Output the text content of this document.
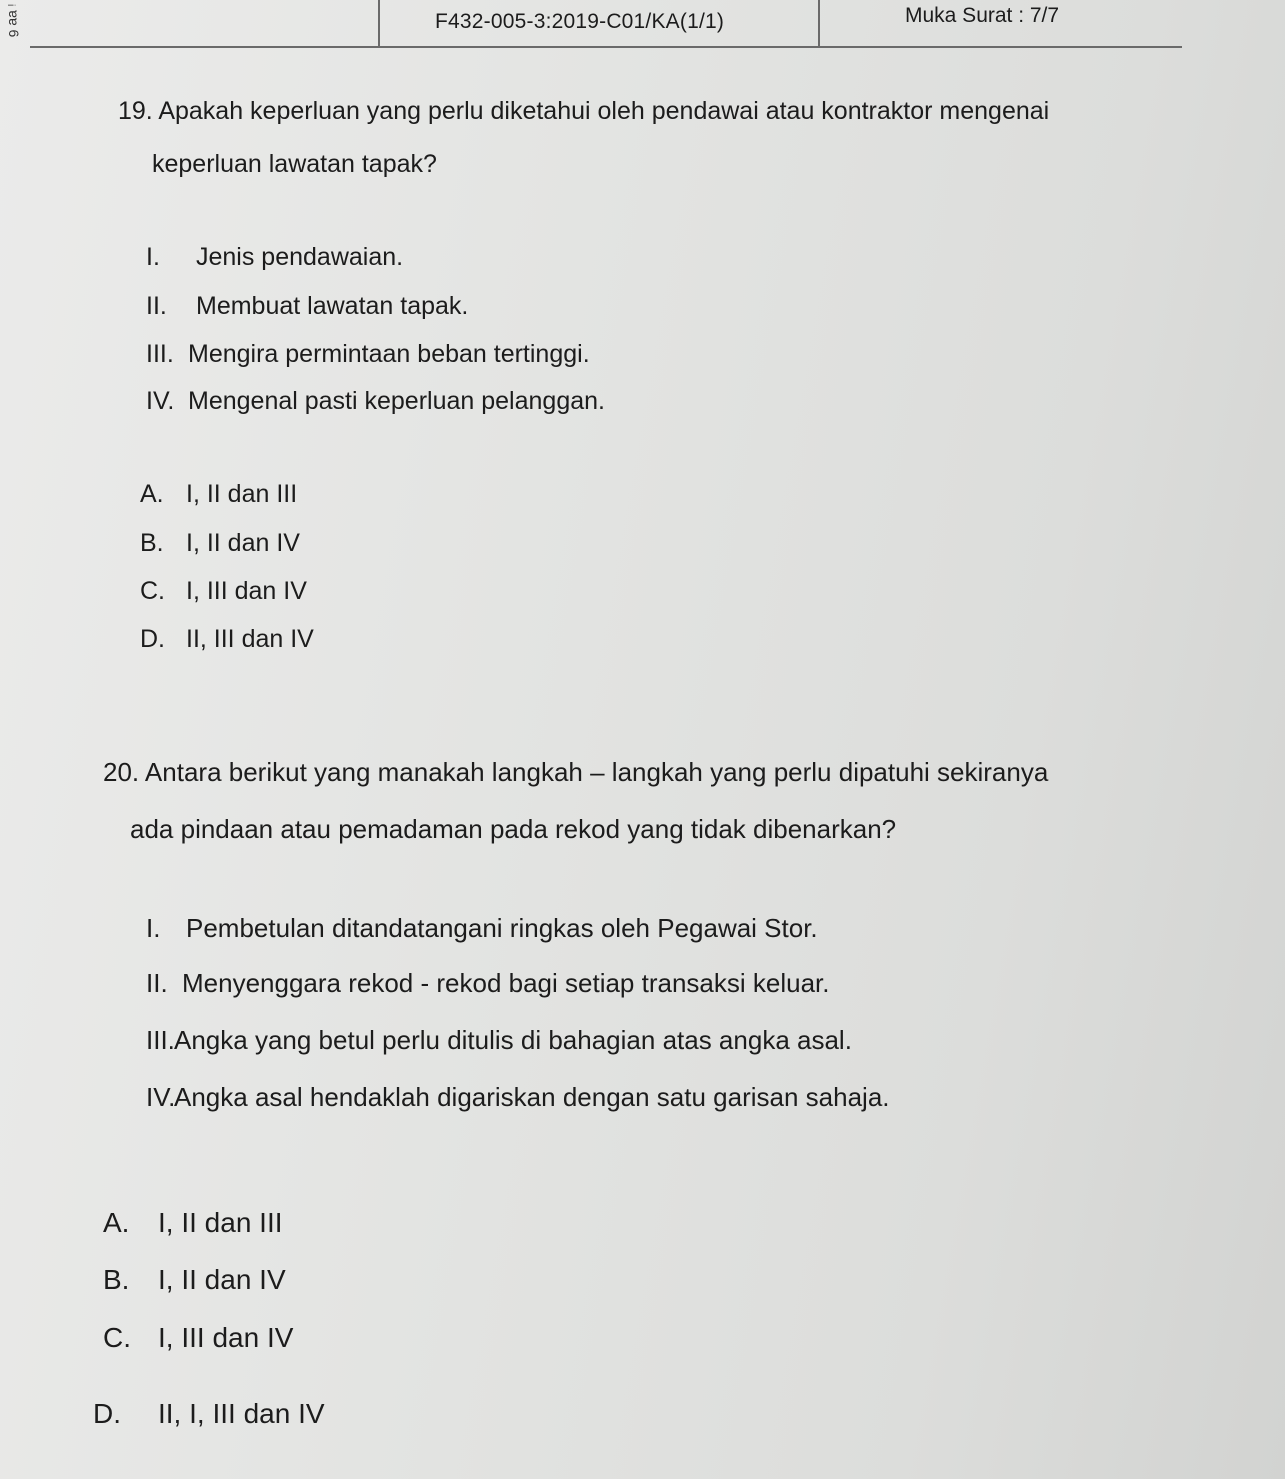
F432-005-3:2019-C01/KA(1/1)	Muka Surat : 7/7
ᵢ ɐɐ 6
19. Apakah keperluan yang perlu diketahui oleh pendawai atau kontraktor mengenai
keperluan lawatan tapak?
I. Jenis pendawaian.
II. Membuat lawatan tapak.
III. Mengira permintaan beban tertinggi.
IV. Mengenal pasti keperluan pelanggan.
A. I, II dan III
B. I, II dan IV
C. I, III dan IV
D. II, III dan IV
20. Antara berikut yang manakah langkah – langkah yang perlu dipatuhi sekiranya
ada pindaan atau pemadaman pada rekod yang tidak dibenarkan?
I. Pembetulan ditandatangani ringkas oleh Pegawai Stor.
II. Menyenggara rekod - rekod bagi setiap transaksi keluar.
III.Angka yang betul perlu ditulis di bahagian atas angka asal.
IV.Angka asal hendaklah digariskan dengan satu garisan sahaja.
A. I, II dan III
B. I, II dan IV
C. I, III dan IV
D. II, I, III dan IV
